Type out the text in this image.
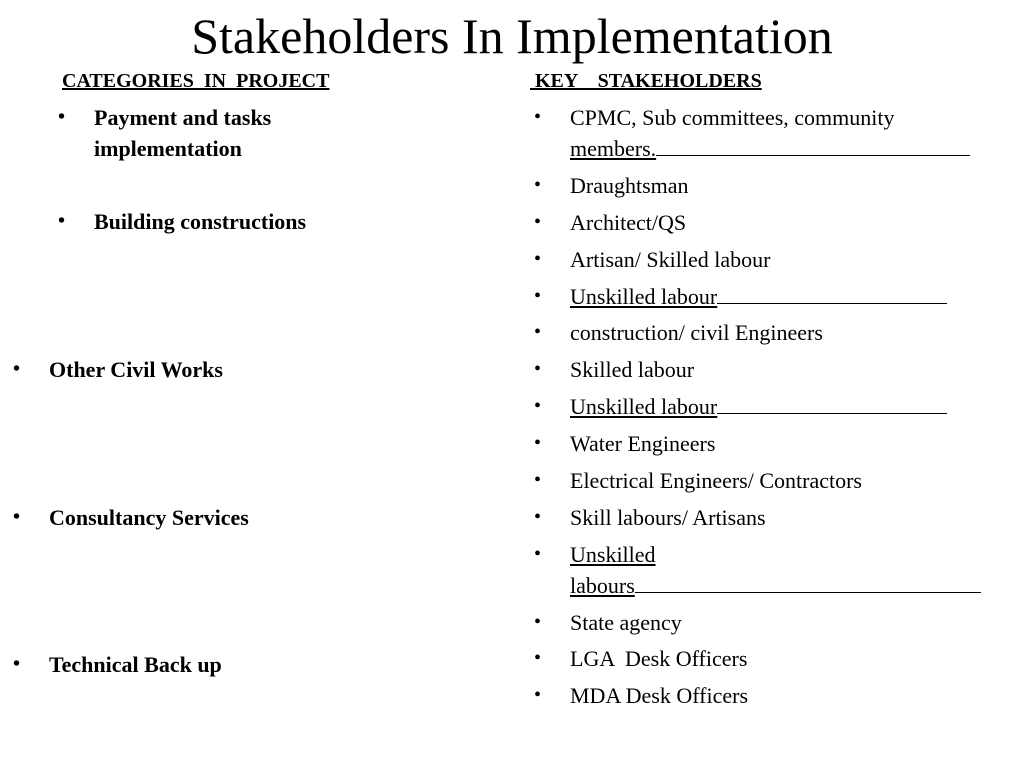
Stakeholders In Implementation
CATEGORIES  IN  PROJECT	KEY    STAKEHOLDERS
• Payment and tasks
implementation
• Building constructions
• Other Civil Works
• Consultancy Services
• Technical Back up
• CPMC, Sub committees, community
members.
• Draughtsman
• Architect/QS
• Artisan/ Skilled labour
• Unskilled labour
• construction/ civil Engineers
• Skilled labour
• Unskilled labour
• Water Engineers
• Electrical Engineers/ Contractors
• Skill labours/ Artisans
• Unskilled
labours
• State agency
• LGA  Desk Officers
• MDA Desk Officers
